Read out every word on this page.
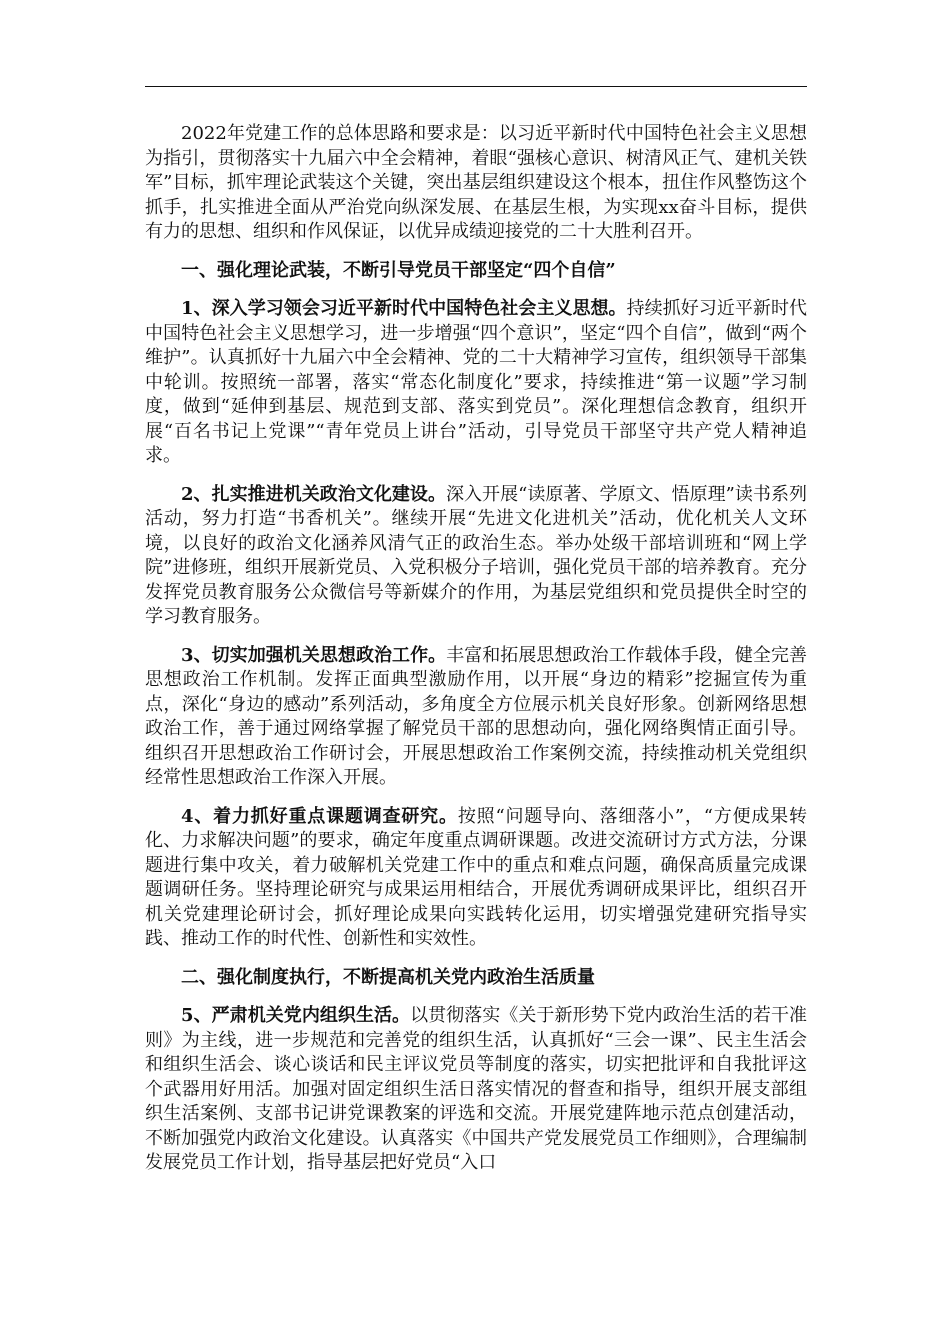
2022年党建工作的总体思路和要求是：以习近平新时代中国特色社会主义思想为指引，贯彻落实十九届六中全会精神，着眼“强核心意识、树清风正气、建机关铁军”目标，抓牢理论武装这个关键，突出基层组织建设这个根本，扭住作风整饬这个抓手，扎实推进全面从严治党向纵深发展、在基层生根，为实现xx奋斗目标，提供有力的思想、组织和作风保证，以优异成绩迎接党的二十大胜利召开。

一、强化理论武装，不断引导党员干部坚定“四个自信”

1、深入学习领会习近平新时代中国特色社会主义思想。持续抓好习近平新时代中国特色社会主义思想学习，进一步增强“四个意识”，坚定“四个自信”，做到“两个维护”。认真抓好十九届六中全会精神、党的二十大精神学习宣传，组织领导干部集中轮训。按照统一部署，落实“常态化制度化”要求，持续推进“第一议题”学习制度，做到“延伸到基层、规范到支部、落实到党员”。深化理想信念教育，组织开展“百名书记上党课”“青年党员上讲台”活动，引导党员干部坚守共产党人精神追求。

2、扎实推进机关政治文化建设。深入开展“读原著、学原文、悟原理”读书系列活动，努力打造“书香机关”。继续开展“先进文化进机关”活动，优化机关人文环境，以良好的政治文化涵养风清气正的政治生态。举办处级干部培训班和“网上学院”进修班，组织开展新党员、入党积极分子培训，强化党员干部的培养教育。充分发挥党员教育服务公众微信号等新媒介的作用，为基层党组织和党员提供全时空的学习教育服务。

3、切实加强机关思想政治工作。丰富和拓展思想政治工作载体手段，健全完善思想政治工作机制。发挥正面典型激励作用，以开展“身边的精彩”挖掘宣传为重点，深化“身边的感动”系列活动，多角度全方位展示机关良好形象。创新网络思想政治工作，善于通过网络掌握了解党员干部的思想动向，强化网络舆情正面引导。组织召开思想政治工作研讨会，开展思想政治工作案例交流，持续推动机关党组织经常性思想政治工作深入开展。

4、着力抓好重点课题调查研究。按照“问题导向、落细落小”，“方便成果转化、力求解决问题”的要求，确定年度重点调研课题。改进交流研讨方式方法，分课题进行集中攻关，着力破解机关党建工作中的重点和难点问题，确保高质量完成课题调研任务。坚持理论研究与成果运用相结合，开展优秀调研成果评比，组织召开机关党建理论研讨会，抓好理论成果向实践转化运用，切实增强党建研究指导实践、推动工作的时代性、创新性和实效性。

二、强化制度执行，不断提高机关党内政治生活质量

5、严肃机关党内组织生活。以贯彻落实《关于新形势下党内政治生活的若干准则》为主线，进一步规范和完善党的组织生活，认真抓好“三会一课”、民主生活会和组织生活会、谈心谈话和民主评议党员等制度的落实，切实把批评和自我批评这个武器用好用活。加强对固定组织生活日落实情况的督查和指导，组织开展支部组织生活案例、支部书记讲党课教案的评选和交流。开展党建阵地示范点创建活动，不断加强党内政治文化建设。认真落实《中国共产党发展党员工作细则》，合理编制发展党员工作计划，指导基层把好党员“入口
